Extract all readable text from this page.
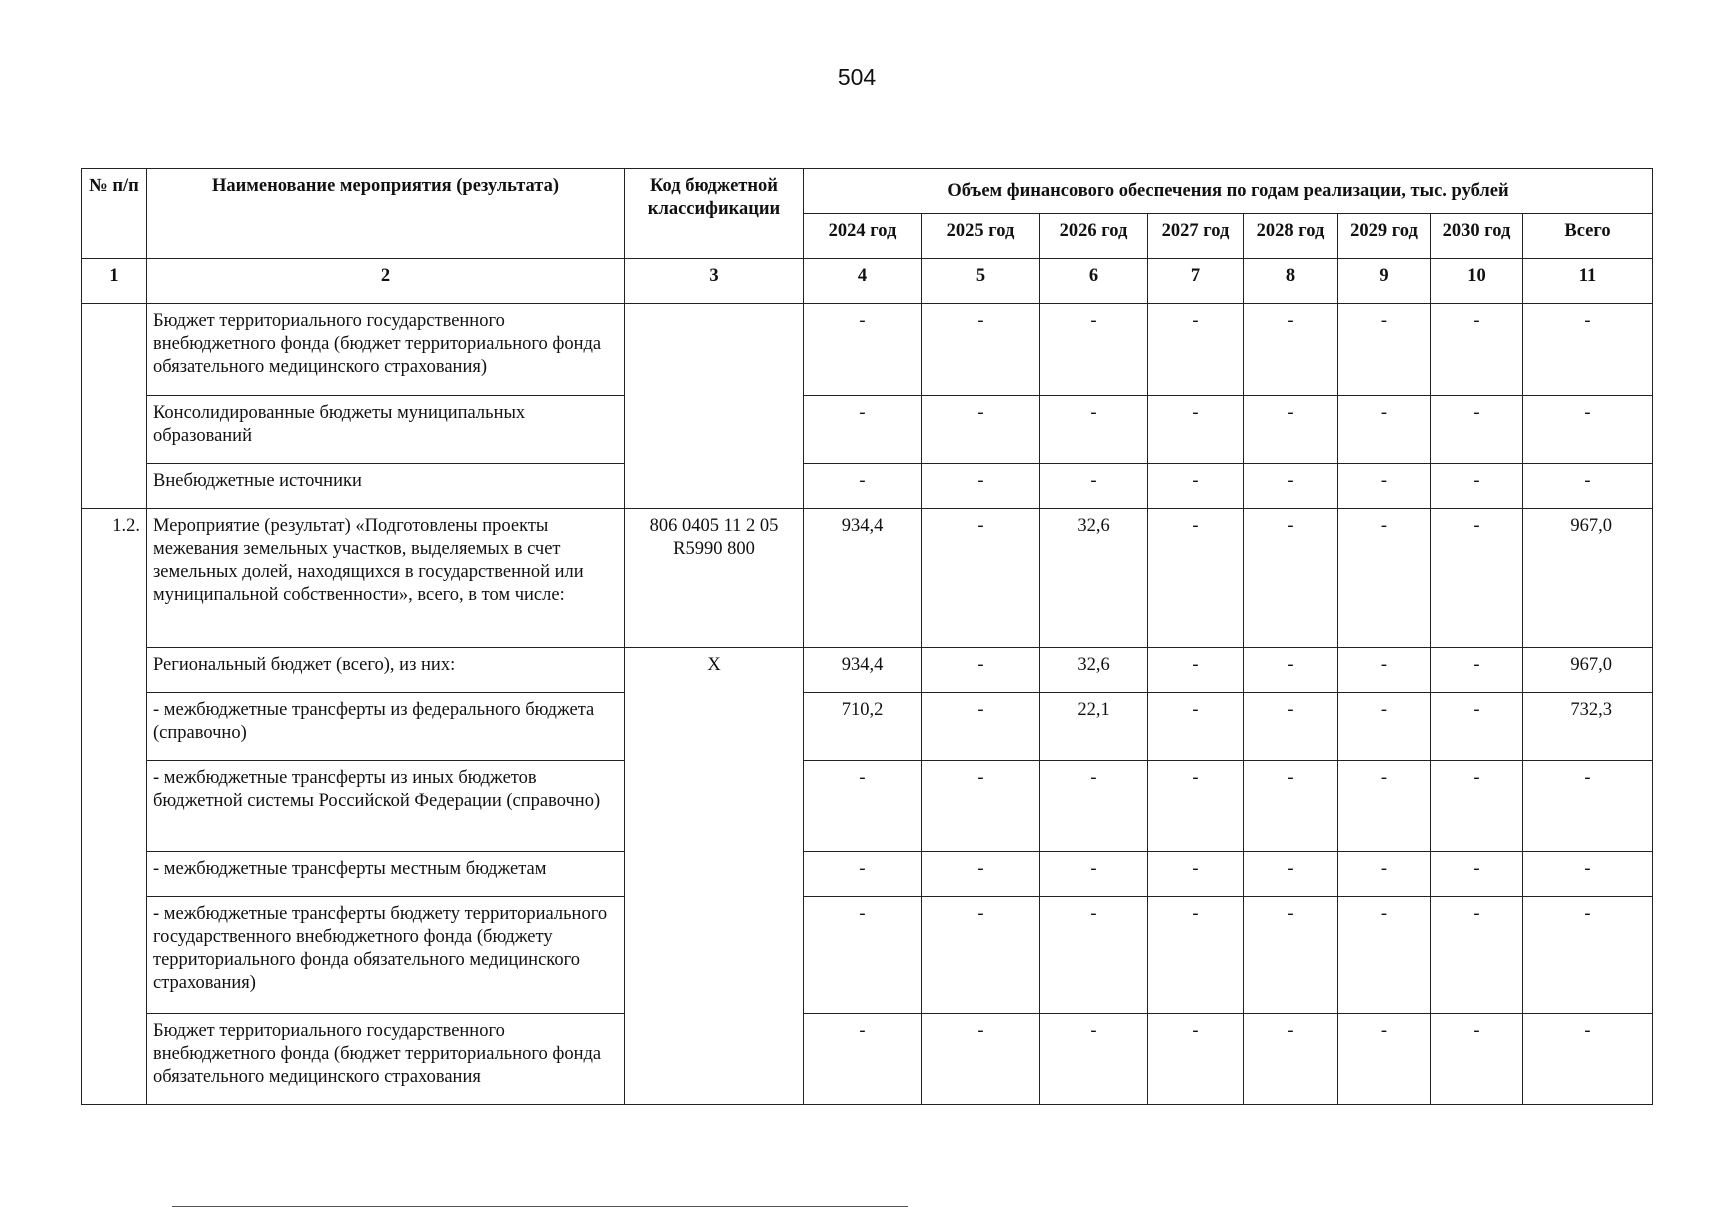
504
№ п/п	Наименование мероприятия (результата)	Код бюджетной классификации	Объем финансового обеспечения по годам реализации, тыс. рублей							
			2024 год	2025 год	2026 год	2027 год	2028 год	2029 год	2030 год	Всего
1	2	3	4	5	6	7	8	9	10	11
	Бюджет территориального государственного внебюджетного фонда (бюджет территориального фонда обязательного медицинского страхования)		-	-	-	-	-	-	-	-
	Консолидированные бюджеты муниципальных образований		-	-	-	-	-	-	-	-
	Внебюджетные источники		-	-	-	-	-	-	-	-
1.2.	Мероприятие (результат) «Подготовлены проекты межевания земельных участков, выделяемых в счет земельных долей, находящихся в государственной или муниципальной собственности», всего, в том числе:	806 0405 11 2 05 R5990 800	934,4	-	32,6	-	-	-	-	967,0
	Региональный бюджет (всего), из них:	X	934,4	-	32,6	-	-	-	-	967,0
	- межбюджетные трансферты из федерального бюджета (справочно)		710,2	-	22,1	-	-	-	-	732,3
	- межбюджетные трансферты из иных бюджетов бюджетной системы Российской Федерации (справочно)		-	-	-	-	-	-	-	-
	- межбюджетные трансферты местным бюджетам		-	-	-	-	-	-	-	-
	- межбюджетные трансферты бюджету территориального государственного внебюджетного фонда (бюджету территориального фонда обязательного медицинского страхования)		-	-	-	-	-	-	-	-
	Бюджет территориального государственного внебюджетного фонда (бюджет территориального фонда обязательного медицинского страхования		-	-	-	-	-	-	-	-
